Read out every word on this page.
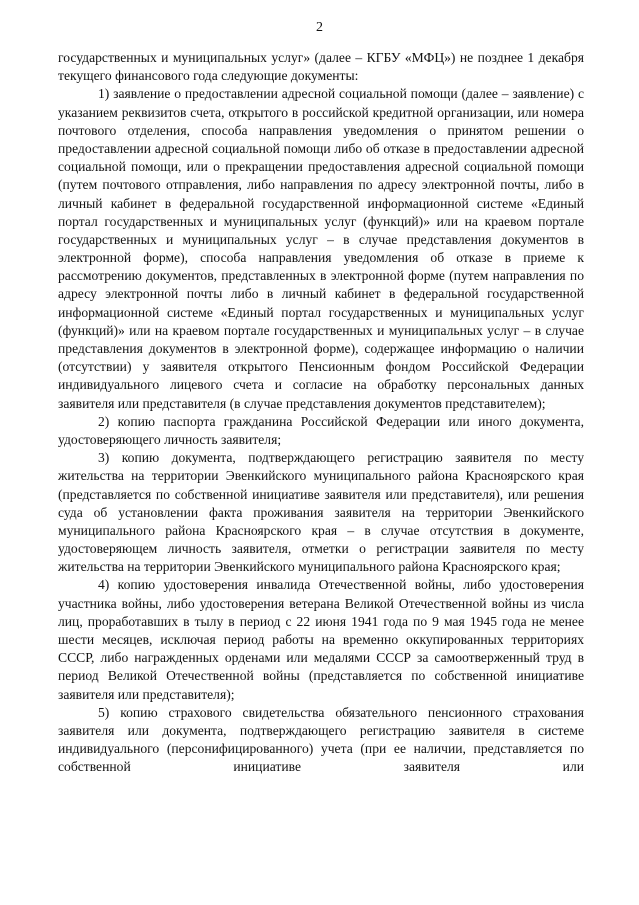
2

государственных и муниципальных услуг» (далее – КГБУ «МФЦ») не позднее 1 декабря текущего финансового года следующие документы:

1) заявление о предоставлении адресной социальной помощи (далее – заявление) с указанием реквизитов счета, открытого в российской кредитной организации, или номера почтового отделения, способа направления уведомления о принятом решении о предоставлении адресной социальной помощи либо об отказе в предоставлении адресной социальной помощи, или о прекращении предоставления адресной социальной помощи (путем почтового отправления, либо направления по адресу электронной почты, либо в личный кабинет в федеральной государственной информационной системе «Единый портал государственных и муниципальных услуг (функций)» или на краевом портале государственных и муниципальных услуг – в случае представления документов в электронной форме), способа направления уведомления об отказе в приеме к рассмотрению документов, представленных в электронной форме (путем направления по адресу электронной почты либо в личный кабинет в федеральной государственной информационной системе «Единый портал государственных и муниципальных услуг (функций)» или на краевом портале государственных и муниципальных услуг – в случае представления документов в электронной форме), содержащее информацию о наличии (отсутствии) у заявителя открытого Пенсионным фондом Российской Федерации индивидуального лицевого счета и согласие на обработку персональных данных заявителя или представителя (в случае представления документов представителем);

2) копию паспорта гражданина Российской Федерации или иного документа, удостоверяющего личность заявителя;

3) копию документа, подтверждающего регистрацию заявителя по месту жительства на территории Эвенкийского муниципального района Красноярского края (представляется по собственной инициативе заявителя или представителя), или решения суда об установлении факта проживания заявителя на территории Эвенкийского муниципального района Красноярского края – в случае отсутствия в документе, удостоверяющем личность заявителя, отметки о регистрации заявителя по месту жительства на территории Эвенкийского муниципального района Красноярского края;

4) копию удостоверения инвалида Отечественной войны, либо удостоверения участника войны, либо удостоверения ветерана Великой Отечественной войны из числа лиц, проработавших в тылу в период с 22 июня 1941 года по 9 мая 1945 года не менее шести месяцев, исключая период работы на временно оккупированных территориях СССР, либо награжденных орденами или медалями СССР за самоотверженный труд в период Великой Отечественной войны (представляется по собственной инициативе заявителя или представителя);

5) копию страхового свидетельства обязательного пенсионного страхования заявителя или документа, подтверждающего регистрацию заявителя в системе индивидуального (персонифицированного) учета (при ее наличии, представляется по собственной инициативе заявителя или
